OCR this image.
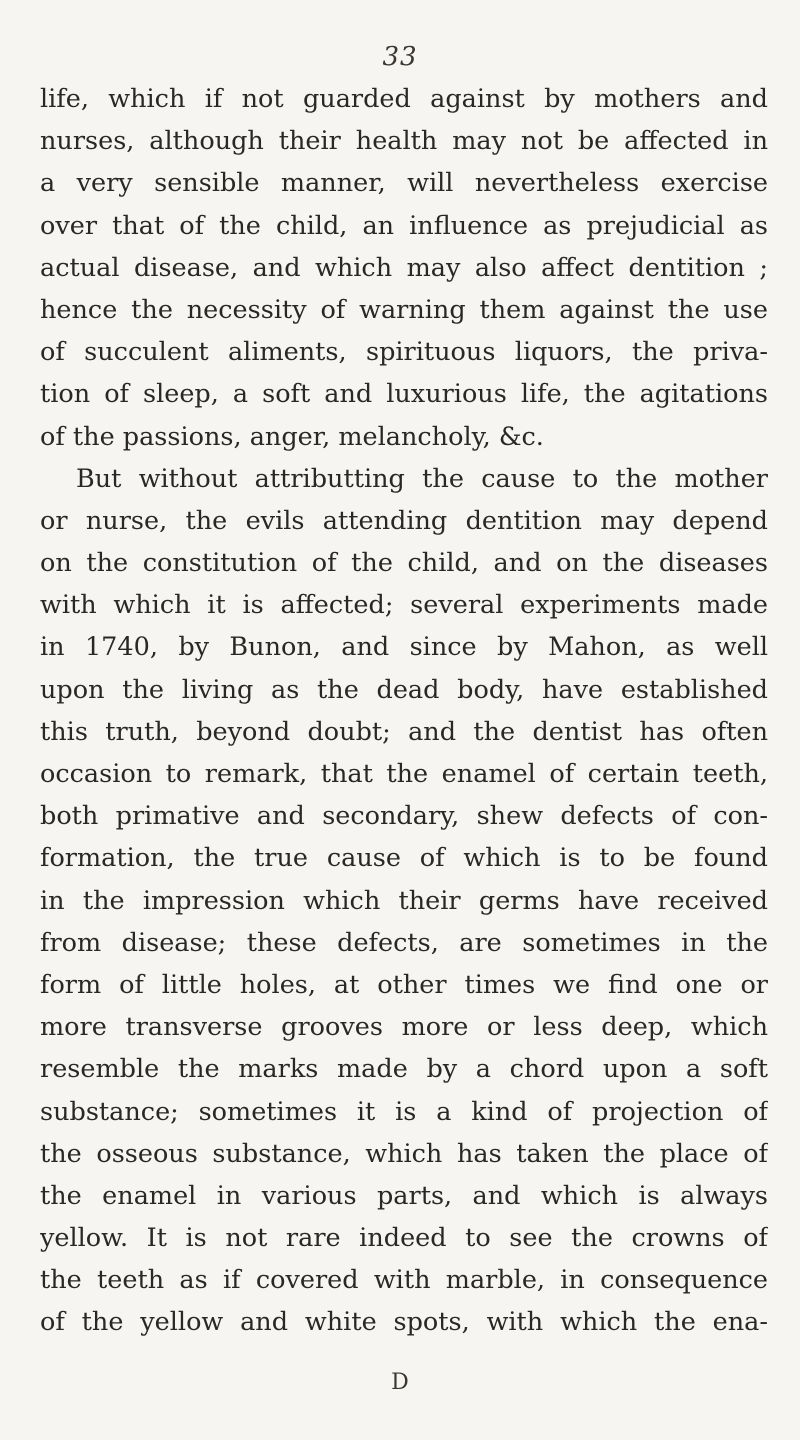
33
life, which if not guarded against by mothers and
nurses, although their health may not be affected in
a very sensible manner, will nevertheless exercise
over that of the child, an influence as prejudicial as
actual disease, and which may also affect dentition ;
hence the necessity of warning them against the use
of succulent aliments, spirituous liquors, the priva-
tion of sleep, a soft and luxurious life, the agitations
of the passions, anger, melancholy, &c.
But without attributting the cause to the mother
or nurse, the evils attending dentition may depend
on the constitution of the child, and on the diseases
with which it is affected; several experiments made
in 1740, by Bunon, and since by Mahon, as well
upon the living as the dead body, have established
this truth, beyond doubt; and the dentist has often
occasion to remark, that the enamel of certain teeth,
both primative and secondary, shew defects of con-
formation, the true cause of which is to be found
in the impression which their germs have received
from disease; these defects, are sometimes in the
form of little holes, at other times we find one or
more transverse grooves more or less deep, which
resemble the marks made by a chord upon a soft
substance; sometimes it is a kind of projection of
the osseous substance, which has taken the place of
the enamel in various parts, and which is always
yellow. It is not rare indeed to see the crowns of
the teeth as if covered with marble, in consequence
of the yellow and white spots, with which the ena-
D
